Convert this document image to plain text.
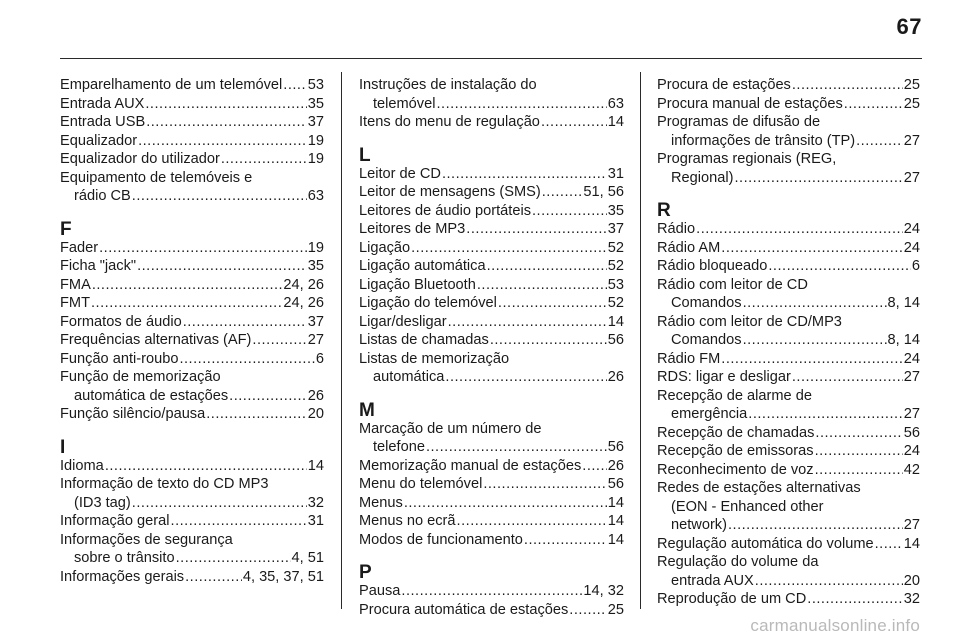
67
Emparelhamento de um telemóvel ..... 53
Entrada AUX .....	35
Entrada USB .....	37
Equalizador .....	19
Equalizador do utilizador .....	19
Equipamento de telemóveis e
rádio CB .....	63
F
Fader .....	19
Ficha "jack" .....	35
FMA .....	24, 26
FMT .....	24, 26
Formatos de áudio .....	37
Frequências alternativas (AF) .....	27
Função anti-roubo .....	6
Função de memorização
automática de estações .....	26
Função silêncio/pausa .....	20
I
Idioma .....	14
Informação de texto do CD MP3
(ID3 tag) .....	32
Informação geral .....	31
Informações de segurança
sobre o trânsito .....	4, 51
Informações gerais .....	4, 35, 37, 51
Instruções de instalação do
telemóvel .....	63
Itens do menu de regulação .....	14
L
Leitor de CD .....	31
Leitor de mensagens (SMS) .....	51, 56
Leitores de áudio portáteis .....	35
Leitores de MP3 .....	37
Ligação .....	52
Ligação automática .....	52
Ligação Bluetooth .....	53
Ligação do telemóvel .....	52
Ligar/desligar .....	14
Listas de chamadas .....	56
Listas de memorização
automática .....	26
M
Marcação de um número de
telefone .....	56
Memorização manual de estações ..... 26
Menu do telemóvel .....	56
Menus .....	14
Menus no ecrã .....	14
Modos de funcionamento .....	14
P
Pausa .....	14, 32
Procura automática de estações .....	25
Procura de estações .....	25
Procura manual de estações .....	25
Programas de difusão de
informações de trânsito (TP) .....	27
Programas regionais (REG,
Regional) .....	27
R
Rádio .....	24
Rádio AM .....	24
Rádio bloqueado .....	6
Rádio com leitor de CD
Comandos .....	8, 14
Rádio com leitor de CD/MP3
Comandos .....	8, 14
Rádio FM .....	24
RDS: ligar e desligar .....	27
Recepção de alarme de
emergência .....	27
Recepção de chamadas .....	56
Recepção de emissoras .....	24
Reconhecimento de voz .....	42
Redes de estações alternativas
(EON - Enhanced other
network) .....	27
Regulação automática do volume ..... 14
Regulação do volume da
entrada AUX .....	20
Reprodução de um CD .....	32
carmanualsonline.info
